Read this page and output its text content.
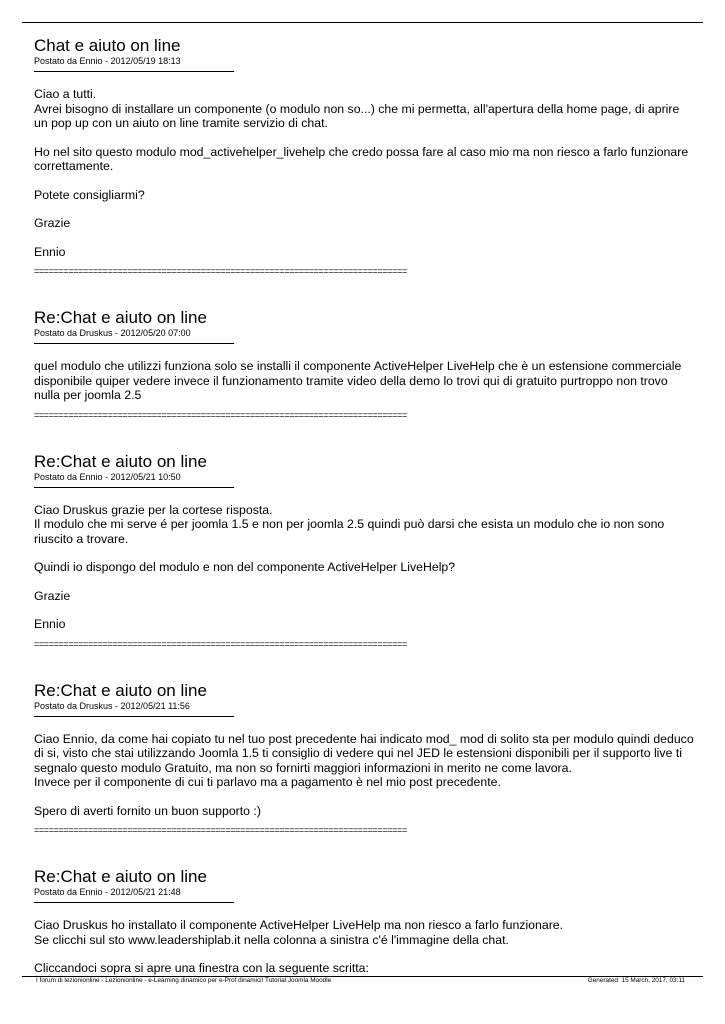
Chat e aiuto on line
Postato da Ennio - 2012/05/19 18:13

Ciao a tutti.
Avrei bisogno di installare un componente (o modulo non so...) che mi permetta, all'apertura della home page, di aprire un pop up con un aiuto on line tramite servizio di chat.

Ho nel sito questo modulo mod_activehelper_livehelp che credo possa fare al caso mio ma non riesco a farlo funzionare correttamente.

Potete consigliarmi?

Grazie

Ennio

============================================================================
Re:Chat e aiuto on line
Postato da Druskus - 2012/05/20 07:00

quel modulo che utilizzi funziona solo se installi il componente ActiveHelper LiveHelp che è un estensione commerciale disponibile quiper vedere invece il funzionamento tramite video della demo lo trovi qui di gratuito purtroppo non trovo nulla per joomla 2.5

============================================================================
Re:Chat e aiuto on line
Postato da Ennio - 2012/05/21 10:50

Ciao Druskus grazie per la cortese risposta.
Il modulo che mi serve é per joomla 1.5 e non per joomla 2.5 quindi può darsi che esista un modulo che io non sono riuscito a trovare.

Quindi io dispongo del modulo e non del componente ActiveHelper LiveHelp?

Grazie

Ennio

============================================================================
Re:Chat e aiuto on line
Postato da Druskus - 2012/05/21 11:56

Ciao Ennio, da come hai copiato tu nel tuo post precedente hai indicato mod_ mod di solito sta per modulo quindi deduco di si, visto che stai utilizzando Joomla 1.5 ti consiglio di vedere qui nel JED le estensioni disponibili per il supporto live ti segnalo questo modulo Gratuito, ma non so fornirti maggiori informazioni in merito ne come lavora.
Invece per il componente di cui ti parlavo ma a pagamento è nel mio post precedente.

Spero di averti fornito un buon supporto :)

============================================================================
Re:Chat e aiuto on line
Postato da Ennio - 2012/05/21 21:48

Ciao Druskus ho installato il componente ActiveHelper LiveHelp ma non riesco a farlo funzionare.
Se clicchi sul sto www.leadershiplab.it nella colonna a sinistra c'é l'immagine della chat.

Cliccandoci sopra si apre una finestra con la seguente scritta:

I forum di lezionionline - Lezionionline - e-Learning dinamico per e-Prof dinamici! Tutorial Joomla Moodle	Generated: 15 March, 2017, 03:11
